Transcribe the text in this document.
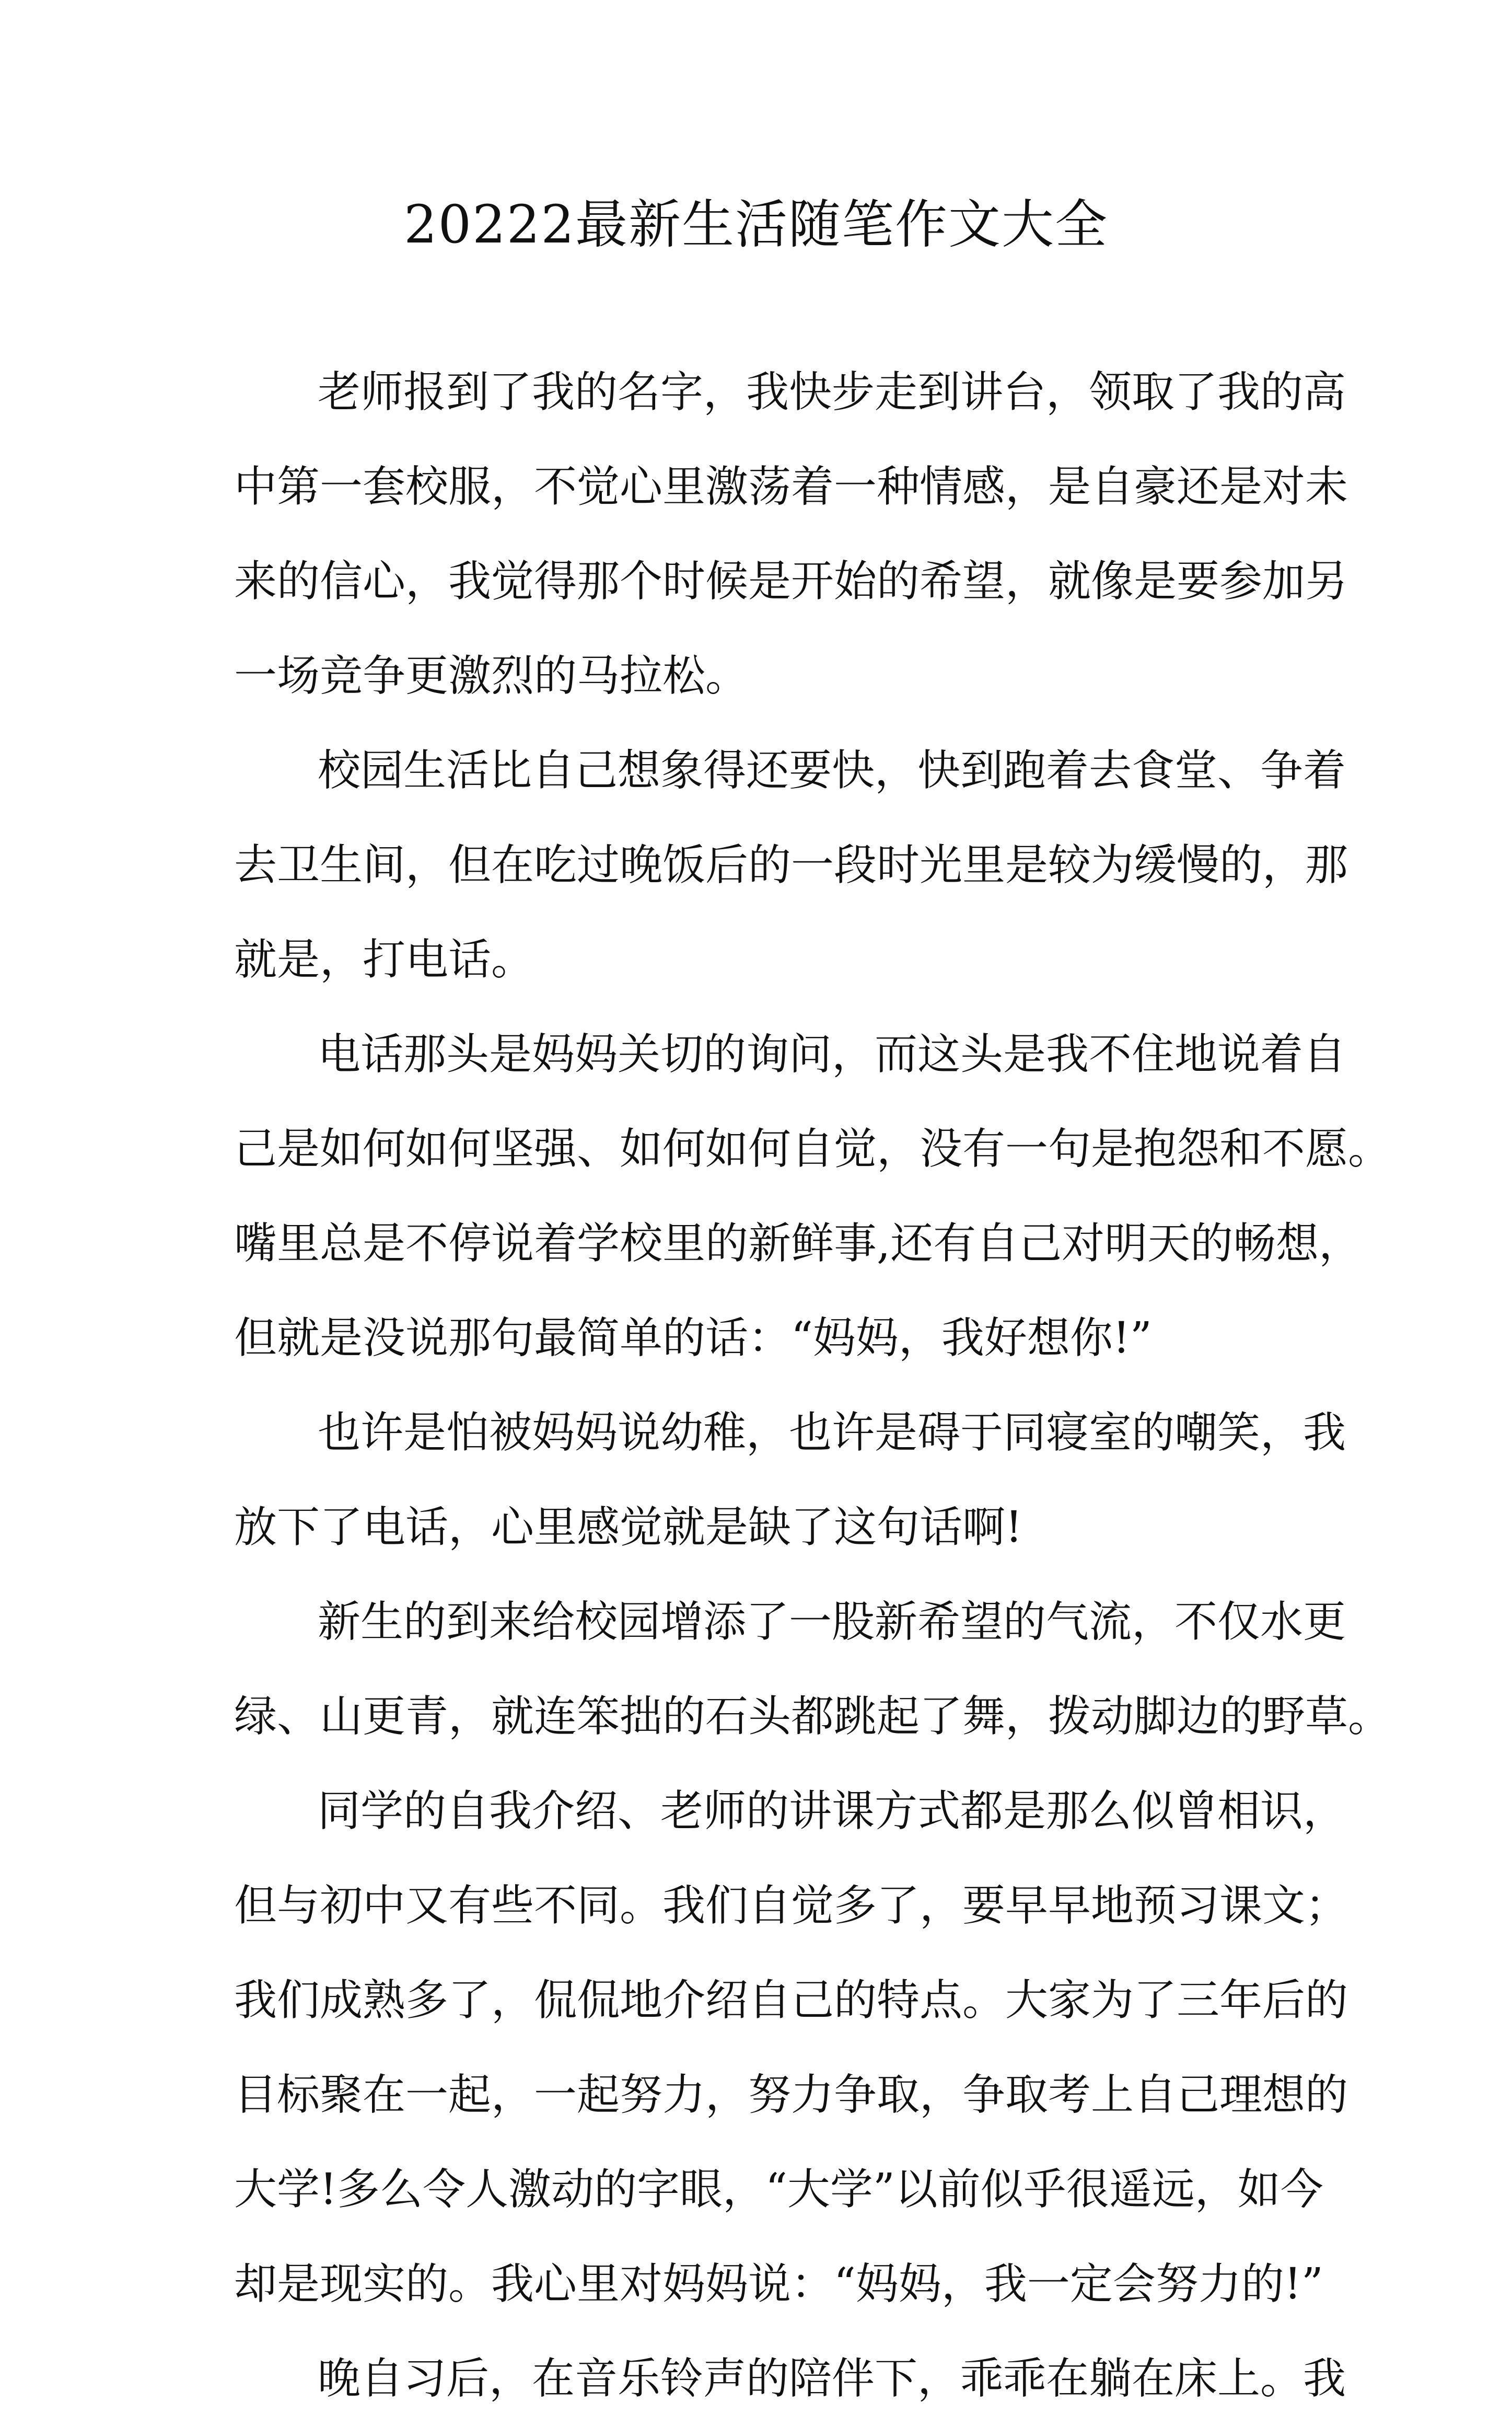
20222最新生活随笔作文大全
老师报到了我的名字，我快步走到讲台，领取了我的高
中第一套校服，不觉心里激荡着一种情感，是自豪还是对未
来的信心，我觉得那个时候是开始的希望，就像是要参加另
一场竞争更激烈的马拉松。
校园生活比自己想象得还要快，快到跑着去食堂、争着
去卫生间，但在吃过晚饭后的一段时光里是较为缓慢的，那
就是，打电话。
电话那头是妈妈关切的询问，而这头是我不住地说着自
己是如何如何坚强、如何如何自觉，没有一句是抱怨和不愿。
嘴里总是不停说着学校里的新鲜事,还有自己对明天的畅想，
但就是没说那句最简单的话：“妈妈，我好想你!”
也许是怕被妈妈说幼稚，也许是碍于同寝室的嘲笑，我
放下了电话，心里感觉就是缺了这句话啊!
新生的到来给校园增添了一股新希望的气流，不仅水更
绿、山更青，就连笨拙的石头都跳起了舞，拨动脚边的野草。
同学的自我介绍、老师的讲课方式都是那么似曾相识，
但与初中又有些不同。我们自觉多了，要早早地预习课文；
我们成熟多了，侃侃地介绍自己的特点。大家为了三年后的
目标聚在一起，一起努力，努力争取，争取考上自己理想的
大学!多么令人激动的字眼，“大学”以前似乎很遥远，如今
却是现实的。我心里对妈妈说：“妈妈，我一定会努力的!”
晚自习后，在音乐铃声的陪伴下，乖乖在躺在床上。我
